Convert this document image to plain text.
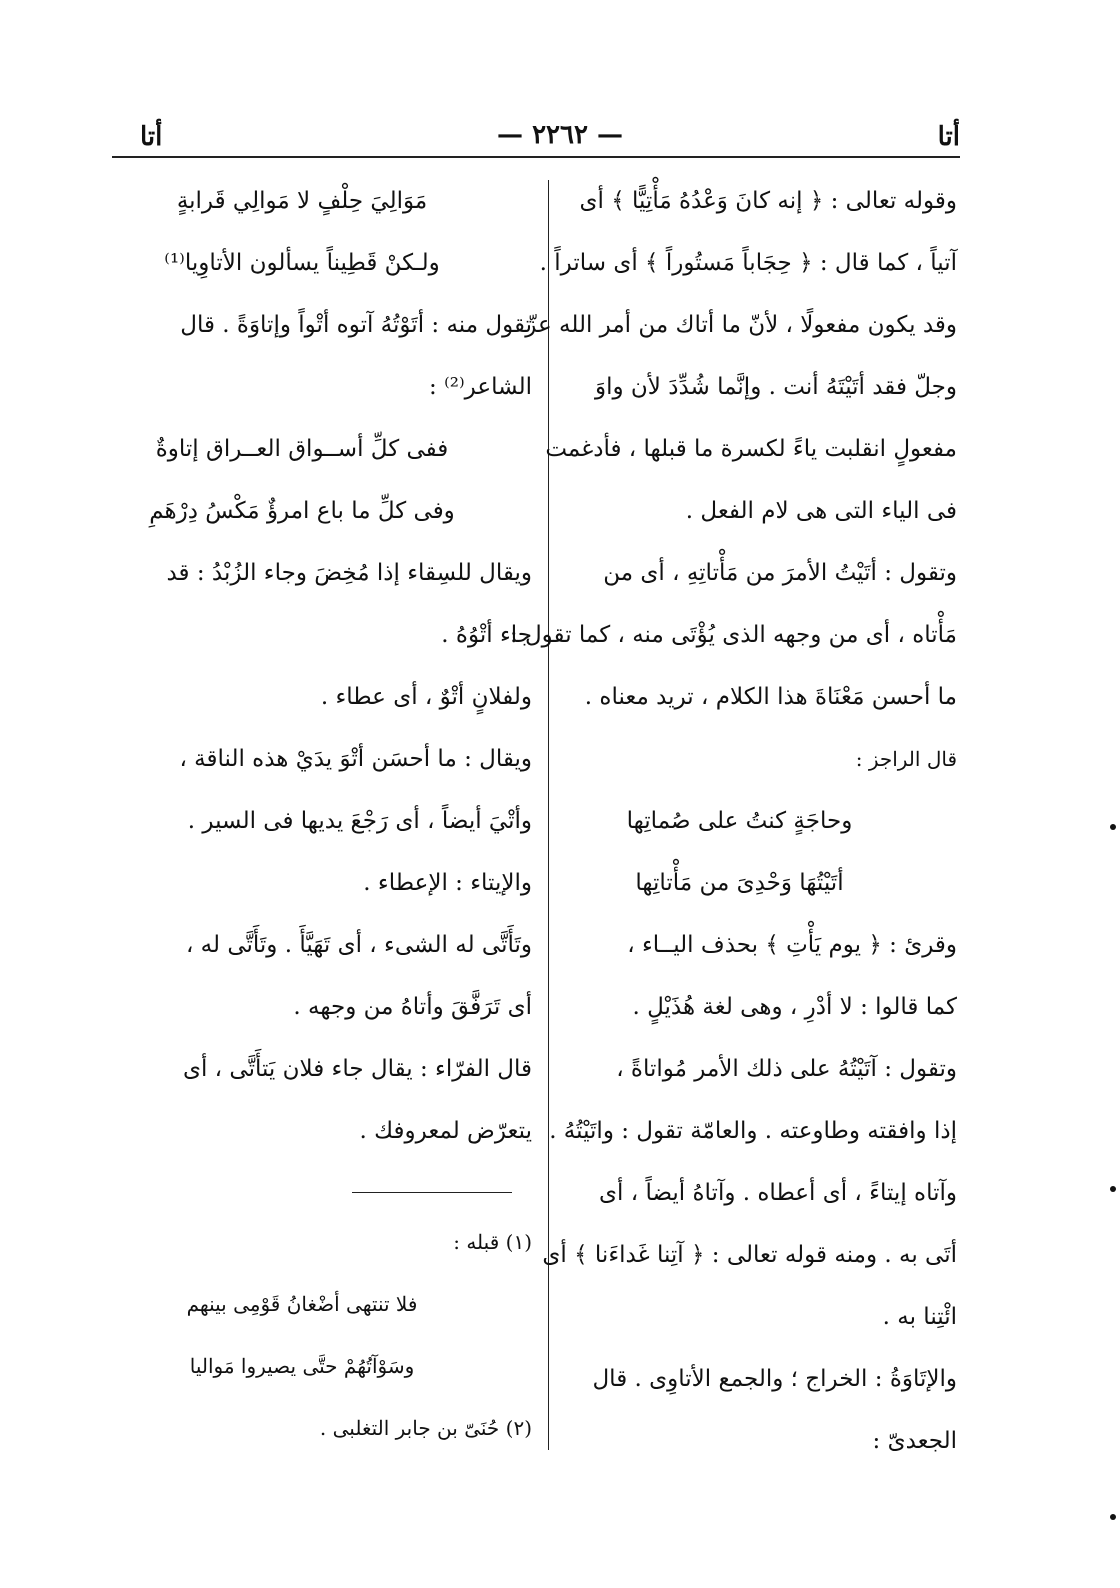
أتا
— ٢٢٦٢ —
أتا

وقوله تعالى : ﴿ إنه كانَ وَعْدُهُ مَأْتِيًّا ﴾ أى

آتياً ، كما قال : ﴿ حِجَاباً مَستُوراً ﴾ أى ساتراً .

وقد يكون مفعولًا ، لأنّ ما أتاك من أمر الله عزّ

وجلّ فقد أتَيْتَهُ أنت . وإنَّما شُدِّدَ لأن واوَ

مفعولٍ انقلبت ياءً لكسرة ما قبلها ، فأدغمت

فى الياء التى هى لام الفعل .

وتقول : أتَيْتُ الأمرَ من مَأْتاتِهِ ، أى من

مَأْتاه ، أى من وجهه الذى يُؤْتَى منه ، كما تقول :

ما أحسن مَعْنَاةَ هذا الكلام ، تريد معناه .

قال الراجز :

وحاجَةٍ كنتُ على صُماتِها

أتَيْتُهَا وَحْدِىَ من مَأْتاتِها

وقرئ : ﴿ يوم يَأْتِ ﴾ بحذف اليــاء ،

كما قالوا : لا أدْرِ ، وهى لغة هُذَيْلٍ .

وتقول : آتَيْتُهُ على ذلك الأمر مُواتاةً ،

إذا وافقته وطاوعته . والعامّة تقول : واتَيْتُهُ .

وآتاه إيتاءً ، أى أعطاه . وآتاهُ أيضاً ، أى

أتَى به . ومنه قوله تعالى : ﴿ آتِنا غَداءَنا ﴾ أى

ائْتِنا به .

والإتَاوَةُ : الخراج ؛ والجمع الأتاوِى . قال

الجعدىّ :

مَوَالِيَ حِلْفٍ لا مَوالِي قَرابةٍ

ولـكنْ قَطِيناً يسألون الأتاوِيا⁽¹⁾

تقول منه : أتَوْتُهُ آتوه أتْواً وإتاوَةً . قال

الشاعر⁽²⁾ :

ففى كلِّ أســواق العــراق إتاوةٌ

وفى كلِّ ما باع امرؤٌ مَكْسُ دِرْهَمِ

ويقال للسِقاء إذا مُخِضَ وجاء الزُبْدُ : قد

جاء أتْوُهُ .

ولفلانٍ أتْوٌ ، أى عطاء .

ويقال : ما أحسَن أتْوَ يدَيْ هذه الناقة ،

وأتْيَ أيضاً ، أى رَجْعَ يديها فى السير .

والإيتاء : الإعطاء .

وتَأَتَّى له الشىء ، أى تَهَيَّأَ . وتَأَتَّى له ،

أى تَرَفَّقَ وأتاهُ من وجهه .

قال الفرّاء : يقال جاء فلان يَتأَتَّى ، أى

يتعرّض لمعروفك .

(١) قبله :

فلا تنتهى أضْغانُ قَوْمِى بينهم

وسَوْآتُهُمْ حتَّى يصيروا مَواليا

(٢) حُنَىّ بن جابر التغلبى .
